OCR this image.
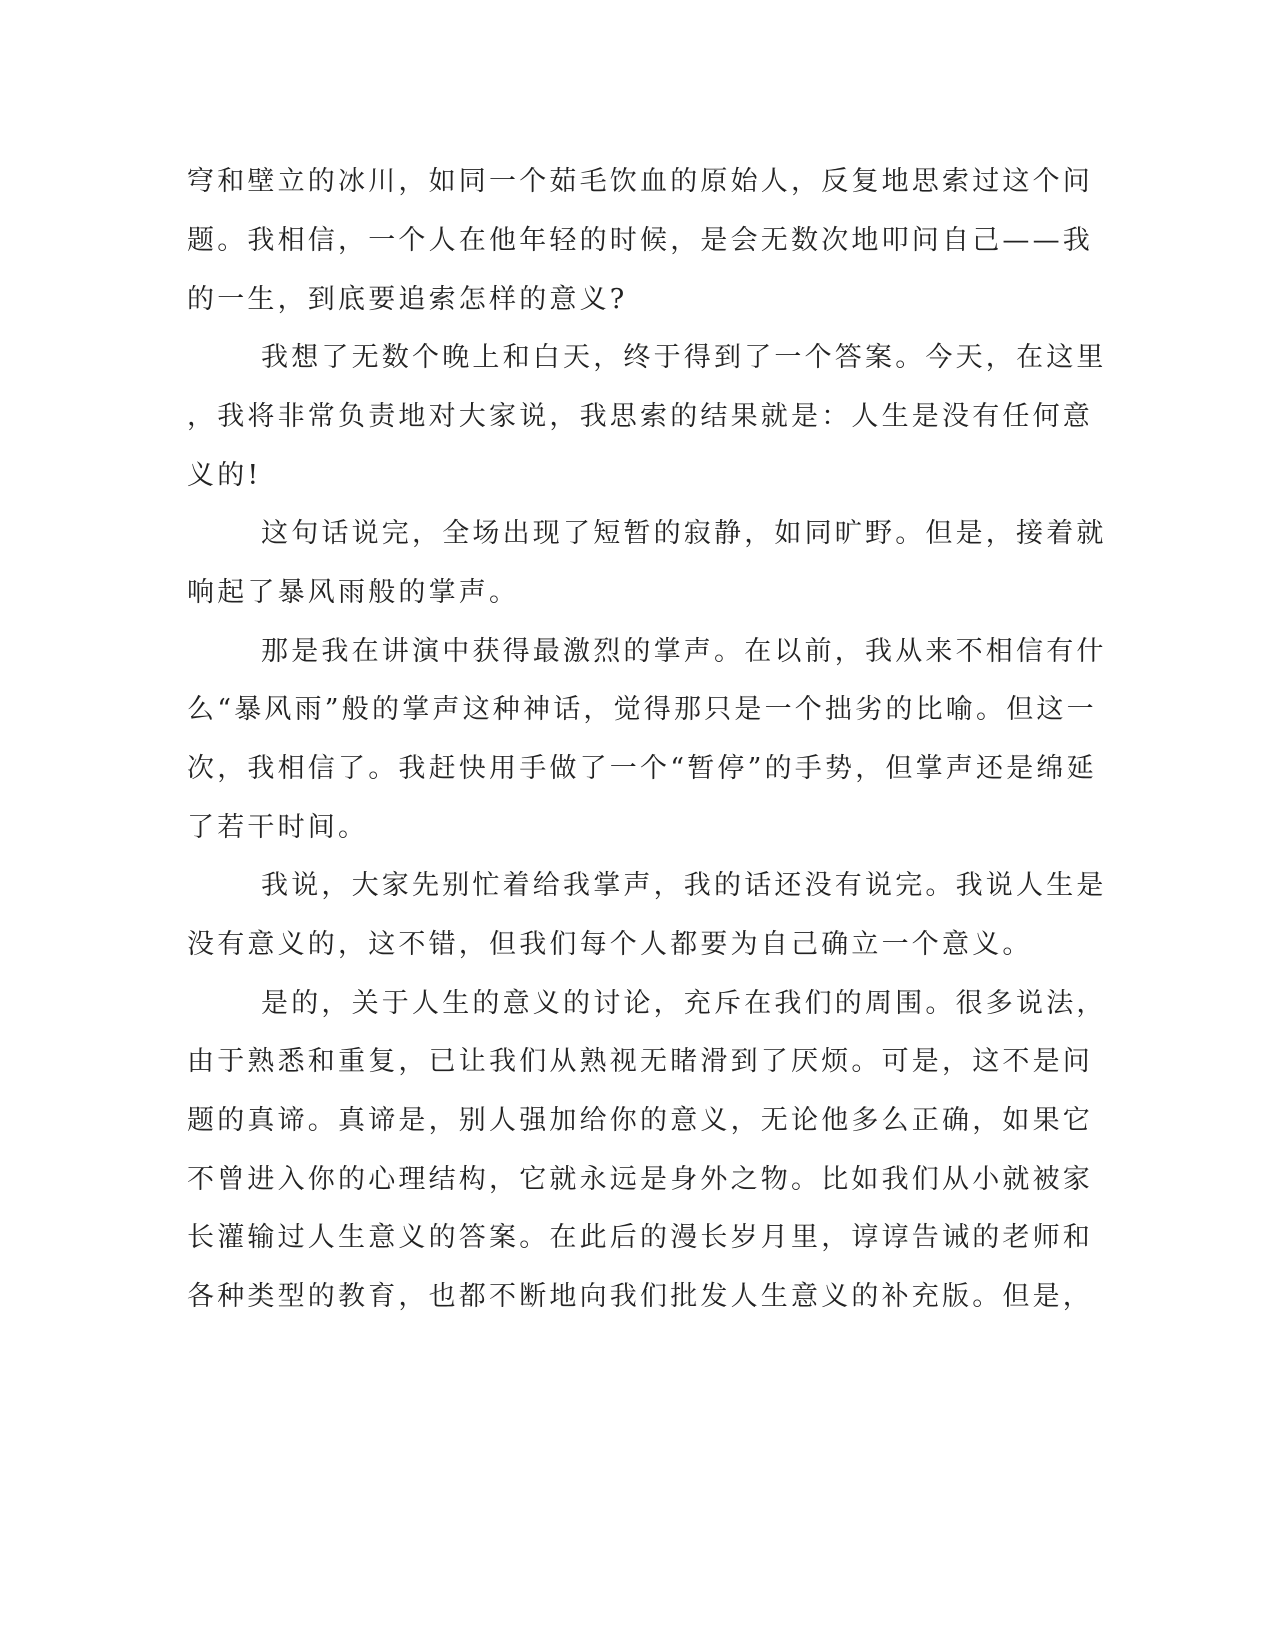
穹和壁立的冰川，如同一个茹毛饮血的原始人，反复地思索过这个问

题。我相信，一个人在他年轻的时候，是会无数次地叩问自己——我

的一生，到底要追索怎样的意义?

我想了无数个晚上和白天，终于得到了一个答案。今天，在这里

，我将非常负责地对大家说，我思索的结果就是：人生是没有任何意

义的!

这句话说完，全场出现了短暂的寂静，如同旷野。但是，接着就

响起了暴风雨般的掌声。

那是我在讲演中获得最激烈的掌声。在以前，我从来不相信有什

么“暴风雨”般的掌声这种神话，觉得那只是一个拙劣的比喻。但这一

次，我相信了。我赶快用手做了一个“暂停”的手势，但掌声还是绵延

了若干时间。

我说，大家先别忙着给我掌声，我的话还没有说完。我说人生是

没有意义的，这不错，但我们每个人都要为自己确立一个意义。

是的，关于人生的意义的讨论，充斥在我们的周围。很多说法，

由于熟悉和重复，已让我们从熟视无睹滑到了厌烦。可是，这不是问

题的真谛。真谛是，别人强加给你的意义，无论他多么正确，如果它

不曾进入你的心理结构，它就永远是身外之物。比如我们从小就被家

长灌输过人生意义的答案。在此后的漫长岁月里，谆谆告诫的老师和

各种类型的教育，也都不断地向我们批发人生意义的补充版。但是，
